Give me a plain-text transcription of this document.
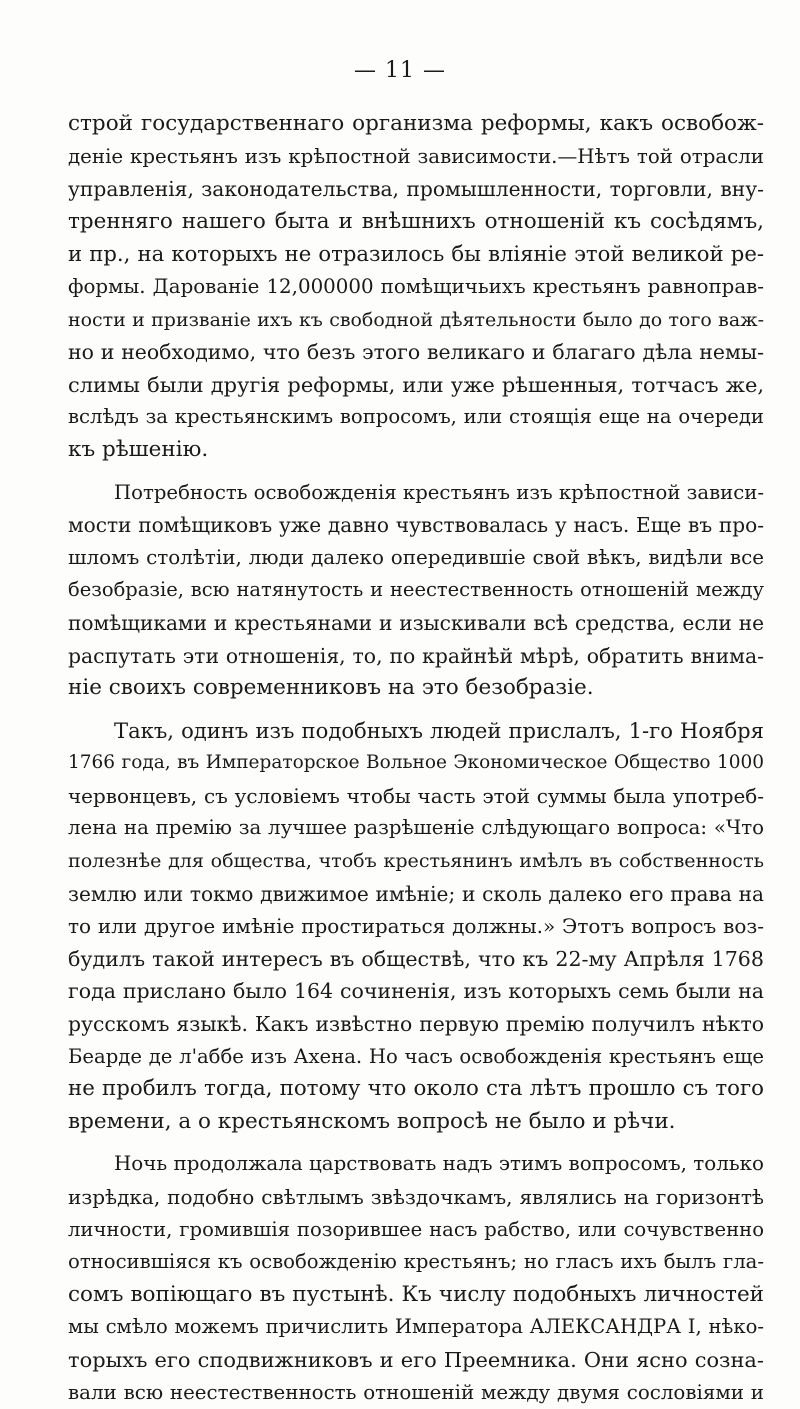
— 11 —
строй государственнаго организма реформы, какъ освобож-
деніе крестьянъ изъ крѣпостной зависимости.—Нѣтъ той отрасли
управленія, законодательства, промышленности, торговли, вну-
тренняго нашего быта и внѣшнихъ отношеній къ сосѣдямъ,
и пр., на которыхъ не отразилось бы вліяніе этой великой ре-
формы. Дарованіе 12,000000 помѣщичьихъ крестьянъ равноправ-
ности и призваніе ихъ къ свободной дѣятельности было до того важ-
но и необходимо, что безъ этого великаго и благаго дѣла немы-
слимы были другія реформы, или уже рѣшенныя, тотчасъ же,
вслѣдъ за крестьянскимъ вопросомъ, или стоящія еще на очереди
къ рѣшенію.
Потребность освобожденія крестьянъ изъ крѣпостной зависи-
мости помѣщиковъ уже давно чувствовалась у насъ. Еще въ про-
шломъ столѣтіи, люди далеко опередившіе свой вѣкъ, видѣли все
безобразіе, всю натянутость и неестественность отношеній между
помѣщиками и крестьянами и изыскивали всѣ средства, если не
распутать эти отношенія, то, по крайнѣй мѣрѣ, обратить внима-
ніе своихъ современниковъ на это безобразіе.
Такъ, одинъ изъ подобныхъ людей прислалъ, 1-го Ноября
1766 года, въ Императорское Вольное Экономическое Общество 1000
червонцевъ, съ условіемъ чтобы часть этой суммы была употреб-
лена на премію за лучшее разрѣшеніе слѣдующаго вопроса: «Что
полезнѣе для общества, чтобъ крестьянинъ имѣлъ въ собственность
землю или токмо движимое имѣніе; и сколь далеко его права на
то или другое имѣніе простираться должны.» Этотъ вопросъ воз-
будилъ такой интересъ въ обществѣ, что къ 22-му Апрѣля 1768
года прислано было 164 сочиненія, изъ которыхъ семь были на
русскомъ языкѣ. Какъ извѣстно первую премію получилъ нѣкто
Беарде де л'аббе изъ Ахена. Но часъ освобожденія крестьянъ еще
не пробилъ тогда, потому что около ста лѣтъ прошло съ того
времени, а о крестьянскомъ вопросѣ не было и рѣчи.
Ночь продолжала царствовать надъ этимъ вопросомъ, только
изрѣдка, подобно свѣтлымъ звѣздочкамъ, являлись на горизонтѣ
личности, громившія позорившее насъ рабство, или сочувственно
относившіяся къ освобожденію крестьянъ; но гласъ ихъ былъ гла-
сомъ вопіющаго въ пустынѣ. Къ числу подобныхъ личностей
мы смѣло можемъ причислить Императора АЛЕКСАНДРА I, нѣко-
торыхъ его сподвижниковъ и его Преемника. Они ясно созна-
вали всю неестественность отношеній между двумя сословіями и
